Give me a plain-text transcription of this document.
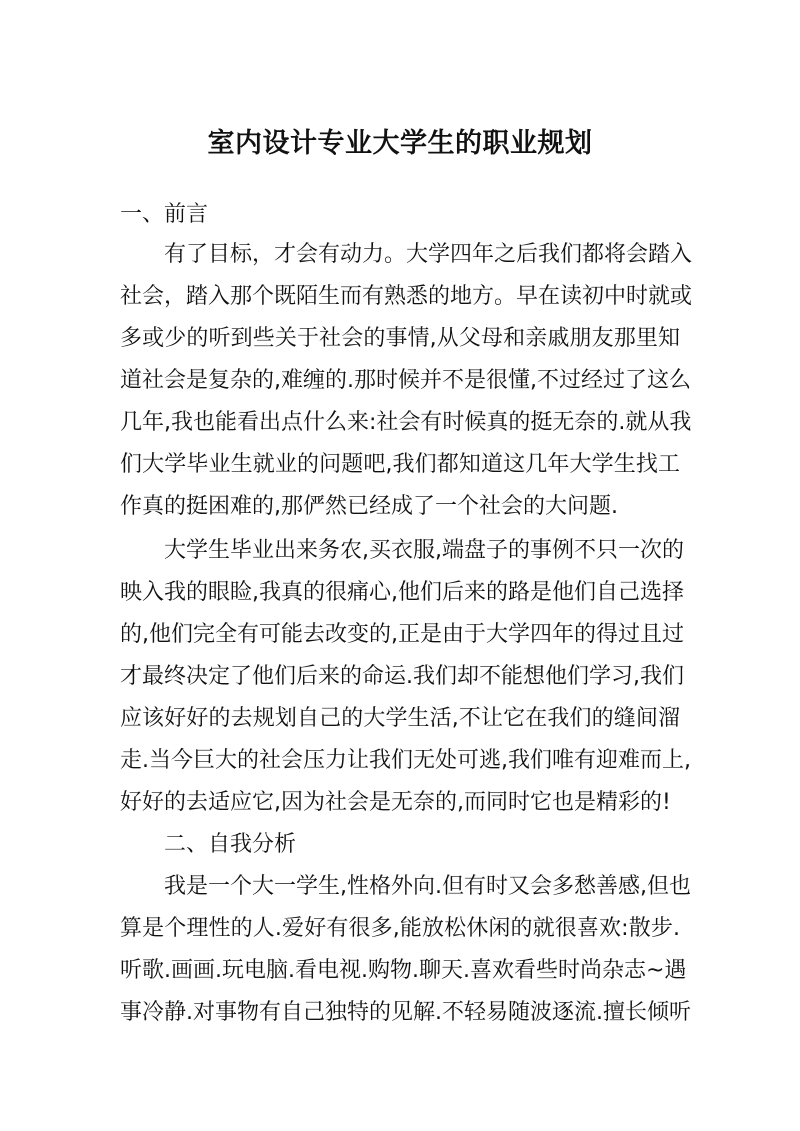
室内设计专业大学生的职业规划

一、前言

有了目标，才会有动力。大学四年之后我们都将会踏入

社会，踏入那个既陌生而有熟悉的地方。早在读初中时就或

多或少的听到些关于社会的事情,从父母和亲戚朋友那里知

道社会是复杂的,难缠的.那时候并不是很懂,不过经过了这么

几年,我也能看出点什么来:社会有时候真的挺无奈的.就从我

们大学毕业生就业的问题吧,我们都知道这几年大学生找工

作真的挺困难的,那俨然已经成了一个社会的大问题.

大学生毕业出来务农,买衣服,端盘子的事例不只一次的

映入我的眼睑,我真的很痛心,他们后来的路是他们自己选择

的,他们完全有可能去改变的,正是由于大学四年的得过且过

才最终决定了他们后来的命运.我们却不能想他们学习,我们

应该好好的去规划自己的大学生活,不让它在我们的缝间溜

走.当今巨大的社会压力让我们无处可逃,我们唯有迎难而上,

好好的去适应它,因为社会是无奈的,而同时它也是精彩的!

二、自我分析

我是一个大一学生,性格外向.但有时又会多愁善感,但也

算是个理性的人.爱好有很多,能放松休闲的就很喜欢:散步.

听歌.画画.玩电脑.看电视.购物.聊天.喜欢看些时尚杂志~遇

事冷静.对事物有自己独特的见解.不轻易随波逐流.擅长倾听
